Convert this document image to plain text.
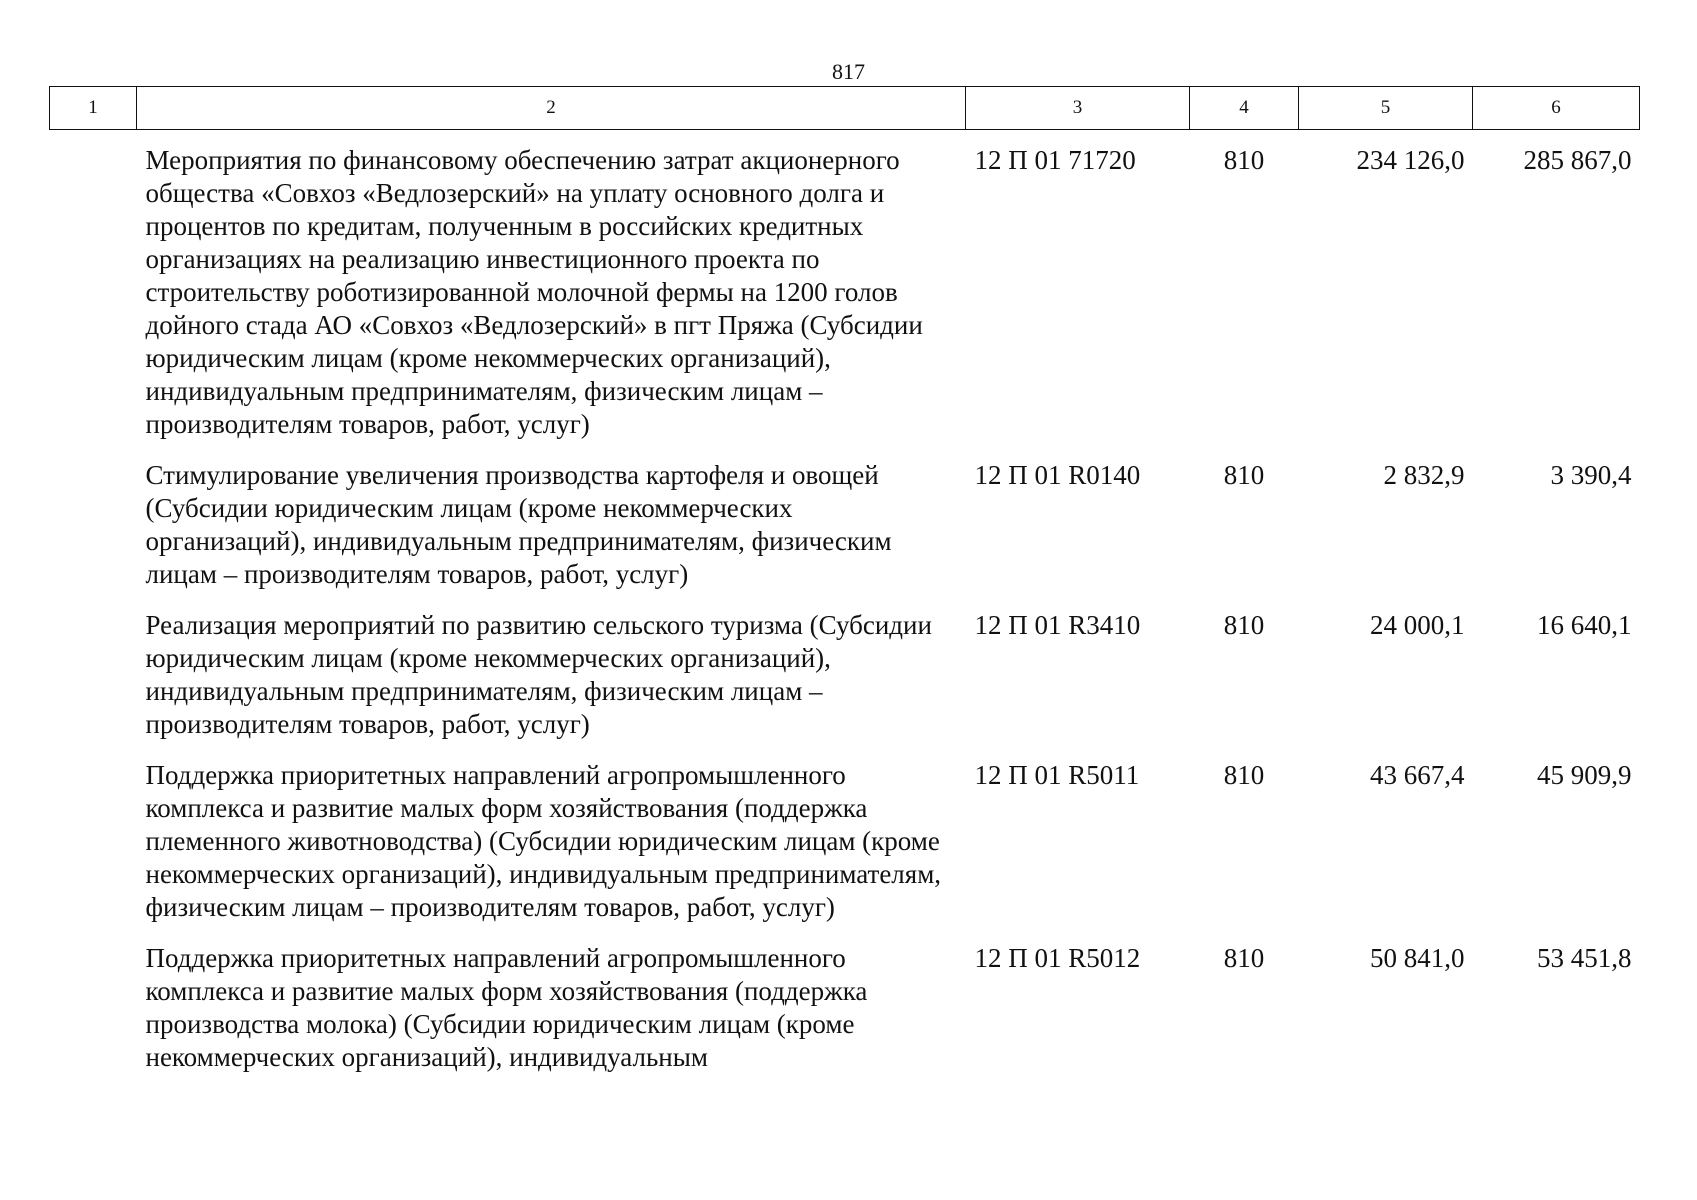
817
1	2	3	4	5	6
	Мероприятия по финансовому обеспечению затрат акционерного общества «Совхоз «Ведлозерский» на уплату основного долга и процентов по кредитам, полученным в российских кредитных организациях на реализацию инвестиционного проекта по строительству роботизированной молочной фермы на 1200 голов дойного стада АО «Совхоз «Ведлозерский» в пгт Пряжа (Субсидии юридическим лицам (кроме некоммерческих организаций), индивидуальным предпринимателям, физическим лицам – производителям товаров, работ, услуг)	12 П 01 71720	810	234 126,0	285 867,0
	Стимулирование увеличения производства картофеля и овощей (Субсидии юридическим лицам (кроме некоммерческих организаций), индивидуальным предпринимателям, физическим лицам – производителям товаров, работ, услуг)	12 П 01 R0140	810	2 832,9	3 390,4
	Реализация мероприятий по развитию сельского туризма (Субсидии юридическим лицам (кроме некоммерческих организаций), индивидуальным предпринимателям, физическим лицам – производителям товаров, работ, услуг)	12 П 01 R3410	810	24 000,1	16 640,1
	Поддержка приоритетных направлений агропромышленного комплекса и развитие малых форм хозяйствования (поддержка племенного животноводства) (Субсидии юридическим лицам (кроме некоммерческих организаций), индивидуальным предпринимателям, физическим лицам – производителям товаров, работ, услуг)	12 П 01 R5011	810	43 667,4	45 909,9
	Поддержка приоритетных направлений агропромышленного комплекса и развитие малых форм хозяйствования (поддержка производства молока) (Субсидии юридическим лицам (кроме некоммерческих организаций), индивидуальным	12 П 01 R5012	810	50 841,0	53 451,8
